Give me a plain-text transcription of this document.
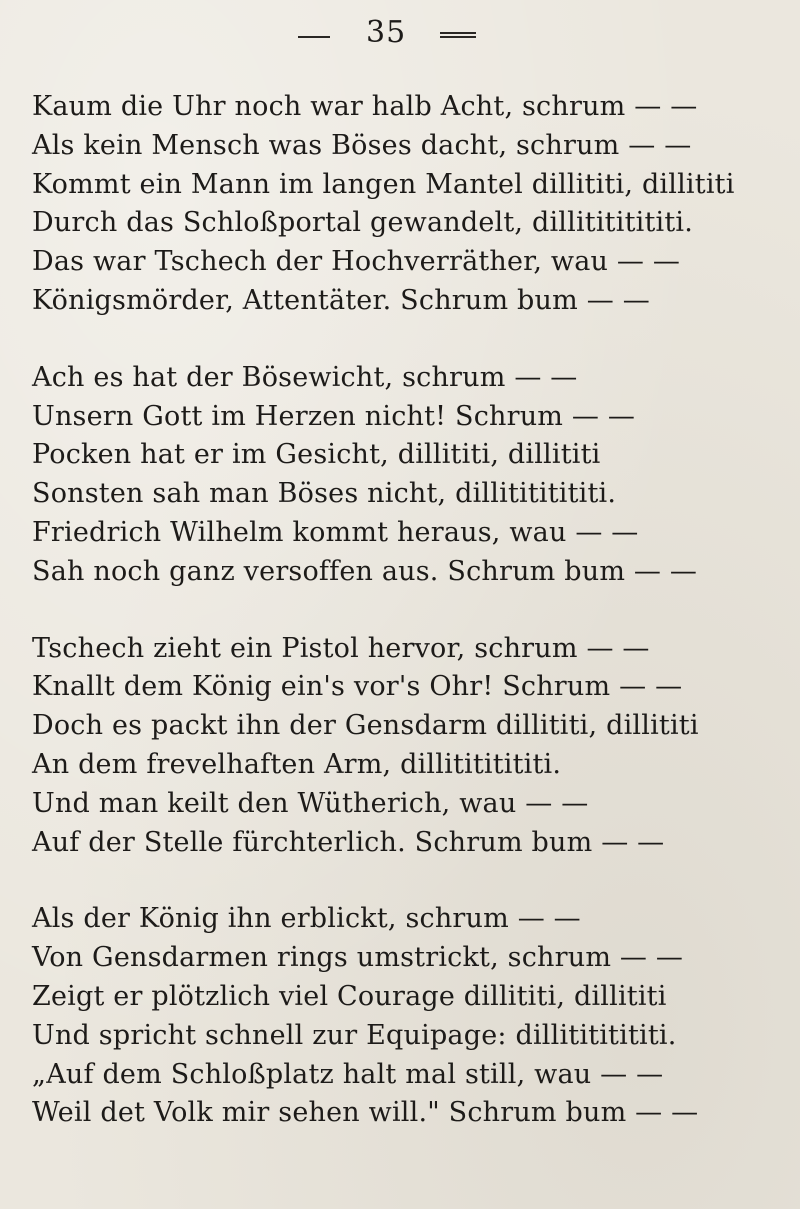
35
Kaum die Uhr noch war halb Acht, schrum — —
Als kein Mensch was Böses dacht, schrum — —
Kommt ein Mann im langen Mantel dillititi, dillititi
Durch das Schloßportal gewandelt, dillitititititi.
Das war Tschech der Hochverräther, wau — —
Königsmörder, Attentäter. Schrum bum — —
Ach es hat der Bösewicht, schrum — —
Unsern Gott im Herzen nicht! Schrum — —
Pocken hat er im Gesicht, dillititi, dillititi
Sonsten sah man Böses nicht, dillitititititi.
Friedrich Wilhelm kommt heraus, wau — —
Sah noch ganz versoffen aus. Schrum bum — —
Tschech zieht ein Pistol hervor, schrum — —
Knallt dem König ein's vor's Ohr! Schrum — —
Doch es packt ihn der Gensdarm dillititi, dillititi
An dem frevelhaften Arm, dillitititititi.
Und man keilt den Wütherich, wau — —
Auf der Stelle fürchterlich. Schrum bum — —
Als der König ihn erblickt, schrum — —
Von Gensdarmen rings umstrickt, schrum — —
Zeigt er plötzlich viel Courage dillititi, dillititi
Und spricht schnell zur Equipage: dillitititititi.
„Auf dem Schloßplatz halt mal still, wau — —
Weil det Volk mir sehen will." Schrum bum — —
